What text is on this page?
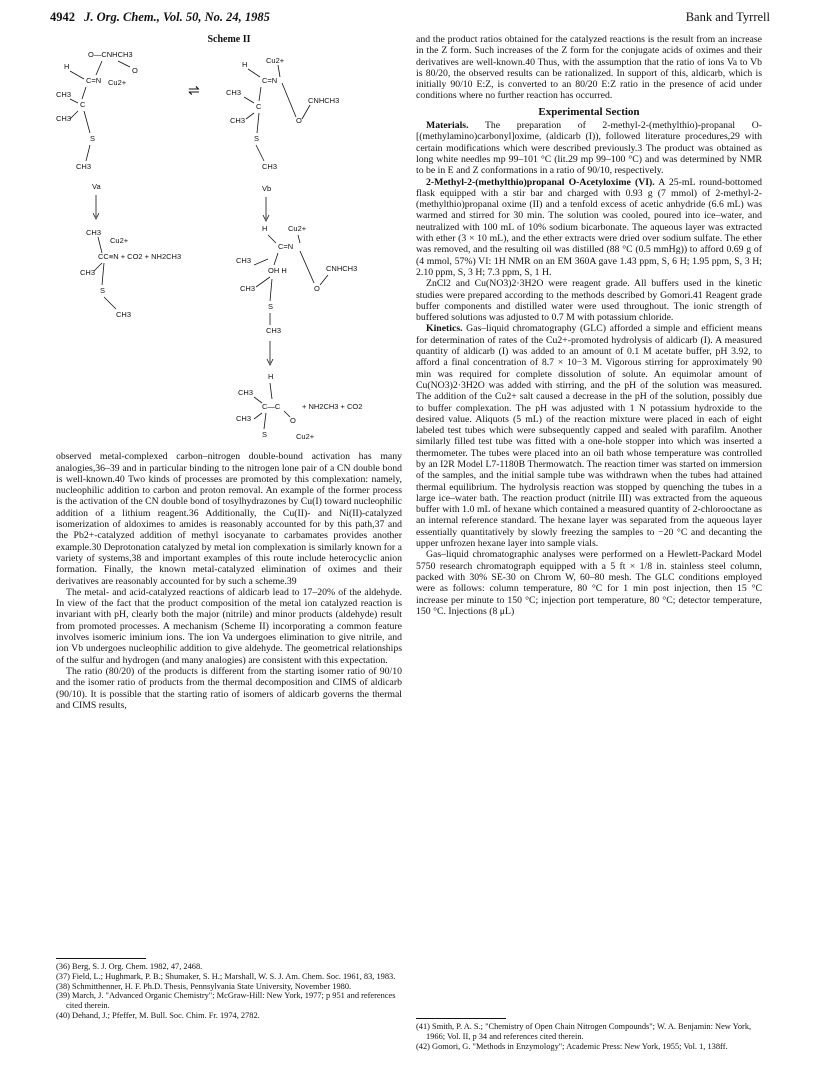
4942 J. Org. Chem., Vol. 50, No. 24, 1985	Bank and Tyrrell
Scheme II
O—CNHCH3
H
C=N Cu2+
O
CH3
C
CH3
S
CH3
Va
⇌
H Cu2+
C=N
CH3
C
CNHCH3
O
CH3
S
CH3
Vb
CH3
Cu2+
CC≡N + CO2 + NH2CH3
CH3
S
CH3
H	Cu2+
C=N
CH3
OH H	CNHCH3
O
CH3
S
CH3
H
CH3
C—C	+ NH2CH3 + CO2
CH3	O
Cu2+
S

observed metal-complexed carbon–nitrogen double-bound activation has many analogies,36–39 and in particular binding to the nitrogen lone pair of a CN double bond is well-known.40 Two kinds of processes are promoted by this complexation: namely, nucleophilic addition to carbon and proton removal. An example of the former process is the activation of the CN double bond of tosylhydrazones by Cu(I) toward nucleophilic addition of a lithium reagent.36 Additionally, the Cu(II)- and Ni(II)-catalyzed isomerization of aldoximes to amides is reasonably accounted for by this path,37 and the Pb2+-catalyzed addition of methyl isocyanate to carbamates provides another example.30 Deprotonation catalyzed by metal ion complexation is similarly known for a variety of systems,38 and important examples of this route include heterocyclic anion formation. Finally, the known metal-catalyzed elimination of oximes and their derivatives are reasonably accounted for by such a scheme.39

The metal- and acid-catalyzed reactions of aldicarb lead to 17–20% of the aldehyde. In view of the fact that the product composition of the metal ion catalyzed reaction is invariant with pH, clearly both the major (nitrile) and minor products (aldehyde) result from promoted processes. A mechanism (Scheme II) incorporating a common feature involves isomeric iminium ions. The ion Va undergoes elimination to give nitrile, and ion Vb undergoes nucleophilic addition to give aldehyde. The geometrical relationships of the sulfur and hydrogen (and many analogies) are consistent with this expectation.

The ratio (80/20) of the products is different from the starting isomer ratio of 90/10 and the isomer ratio of products from the thermal decomposition and CIMS of aldicarb (90/10). It is possible that the starting ratio of isomers of aldicarb governs the thermal and CIMS results,

(36) Berg, S. J. Org. Chem. 1982, 47, 2468.
(37) Field, L.; Hughmark, P. B.; Shumaker, S. H.; Marshall, W. S. J. Am. Chem. Soc. 1961, 83, 1983.
(38) Schmitthenner, H. F. Ph.D. Thesis, Pennsylvania State University, November 1980.
(39) March, J. "Advanced Organic Chemistry"; McGraw-Hill: New York, 1977; p 951 and references cited therein.
(40) Dehand, J.; Pfeffer, M. Bull. Soc. Chim. Fr. 1974, 2782.

and the product ratios obtained for the catalyzed reactions is the result from an increase in the Z form. Such increases of the Z form for the conjugate acids of oximes and their derivatives are well-known.40 Thus, with the assumption that the ratio of ions Va to Vb is 80/20, the observed results can be rationalized. In support of this, aldicarb, which is initially 90/10 E:Z, is converted to an 80/20 E:Z ratio in the presence of acid under conditions where no further reaction has occurred.

Experimental Section

Materials. The preparation of 2-methyl-2-(methylthio)-propanal O-[(methylamino)carbonyl]oxime, (aldicarb (I)), followed literature procedures,29 with certain modifications which were described previously.3 The product was obtained as long white needles mp 99–101 °C (lit.29 mp 99–100 °C) and was determined by NMR to be in E and Z conformations in a ratio of 90/10, respectively.

2-Methyl-2-(methylthio)propanal O-Acetyloxime (VI). A 25-mL round-bottomed flask equipped with a stir bar and charged with 0.93 g (7 mmol) of 2-methyl-2-(methylthio)propanal oxime (II) and a tenfold excess of acetic anhydride (6.6 mL) was warmed and stirred for 30 min. The solution was cooled, poured into ice–water, and neutralized with 100 mL of 10% sodium bicarbonate. The aqueous layer was extracted with ether (3 × 10 mL), and the ether extracts were dried over sodium sulfate. The ether was removed, and the resulting oil was distilled (88 °C (0.5 mmHg)) to afford 0.69 g of (4 mmol, 57%) VI: 1H NMR on an EM 360A gave 1.43 ppm, S, 6 H; 1.95 ppm, S, 3 H; 2.10 ppm, S, 3 H; 7.3 ppm, S, 1 H.

ZnCl2 and Cu(NO3)2·3H2O were reagent grade. All buffers used in the kinetic studies were prepared according to the methods described by Gomori.41 Reagent grade buffer components and distilled water were used throughout. The ionic strength of buffered solutions was adjusted to 0.7 M with potassium chloride.

Kinetics. Gas–liquid chromatography (GLC) afforded a simple and efficient means for determination of rates of the Cu2+-promoted hydrolysis of aldicarb (I). A measured quantity of aldicarb (I) was added to an amount of 0.1 M acetate buffer, pH 3.92, to afford a final concentration of 8.7 × 10−3 M. Vigorous stirring for approximately 90 min was required for complete dissolution of solute. An equimolar amount of Cu(NO3)2·3H2O was added with stirring, and the pH of the solution was measured. The addition of the Cu2+ salt caused a decrease in the pH of the solution, possibly due to buffer complexation. The pH was adjusted with 1 N potassium hydroxide to the desired value. Aliquots (5 mL) of the reaction mixture were placed in each of eight labeled test tubes which were subsequently capped and sealed with parafilm. Another similarly filled test tube was fitted with a one-hole stopper into which was inserted a thermometer. The tubes were placed into an oil bath whose temperature was controlled by an I2R Model L7-1180B Thermowatch. The reaction timer was started on immersion of the samples, and the initial sample tube was withdrawn when the tubes had attained thermal equilibrium. The hydrolysis reaction was stopped by quenching the tubes in a large ice–water bath. The reaction product (nitrile III) was extracted from the aqueous buffer with 1.0 mL of hexane which contained a measured quantity of 2-chlorooctane as an internal reference standard. The hexane layer was separated from the aqueous layer essentially quantitatively by slowly freezing the samples to −20 °C and decanting the upper unfrozen hexane layer into sample vials.

Gas–liquid chromatographic analyses were performed on a Hewlett-Packard Model 5750 research chromatograph equipped with a 5 ft × 1/8 in. stainless steel column, packed with 30% SE-30 on Chrom W, 60–80 mesh. The GLC conditions employed were as follows: column temperature, 80 °C for 1 min post injection, then 15 °C increase per minute to 150 °C; injection port temperature, 80 °C; detector temperature, 150 °C. Injections (8 μL)

(41) Smith, P. A. S.; "Chemistry of Open Chain Nitrogen Compounds"; W. A. Benjamin: New York, 1966; Vol. II, p 34 and references cited therein.
(42) Gomori, G. "Methods in Enzymology"; Academic Press: New York, 1955; Vol. 1, 138ff.
